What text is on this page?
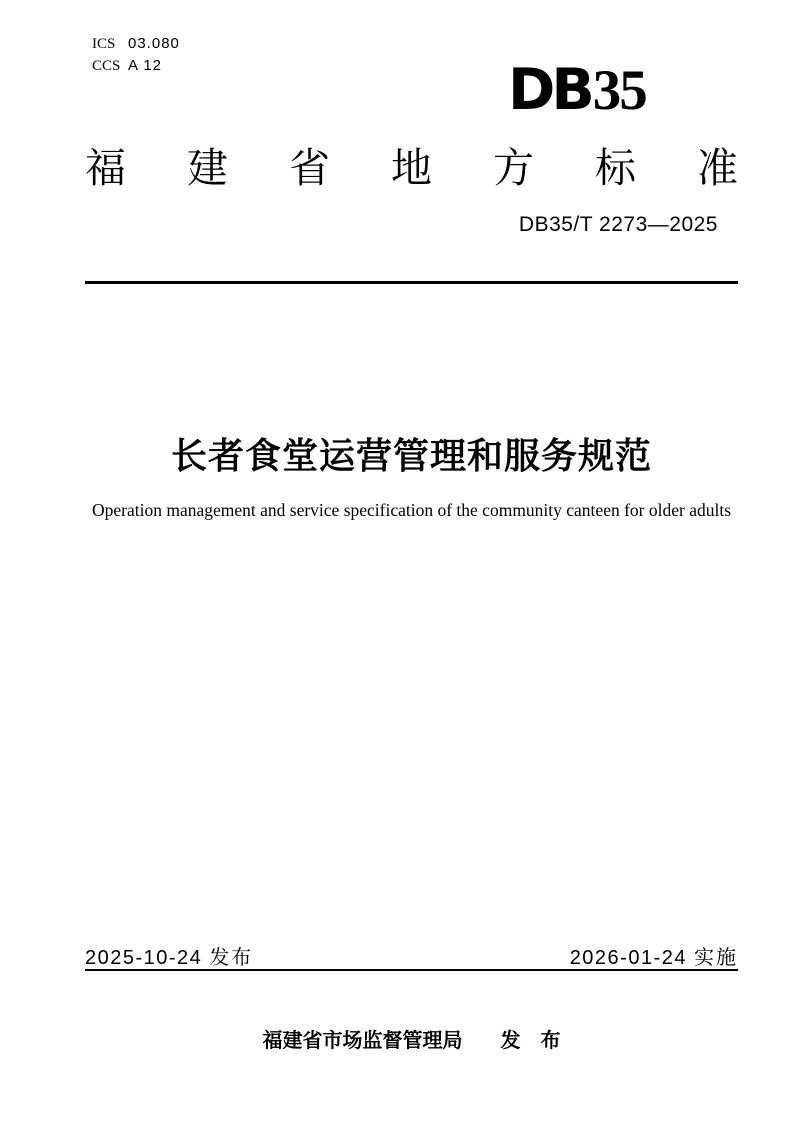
ICS 03.080
CCS A 12	DB35
福 建 省 地 方 标 准
DB35/T 2273—2025
长者食堂运营管理和服务规范
Operation management and service specification of the community canteen for older adults
2025-10-24 发布	2026-01-24 实施
福建省市场监督管理局 发　布
